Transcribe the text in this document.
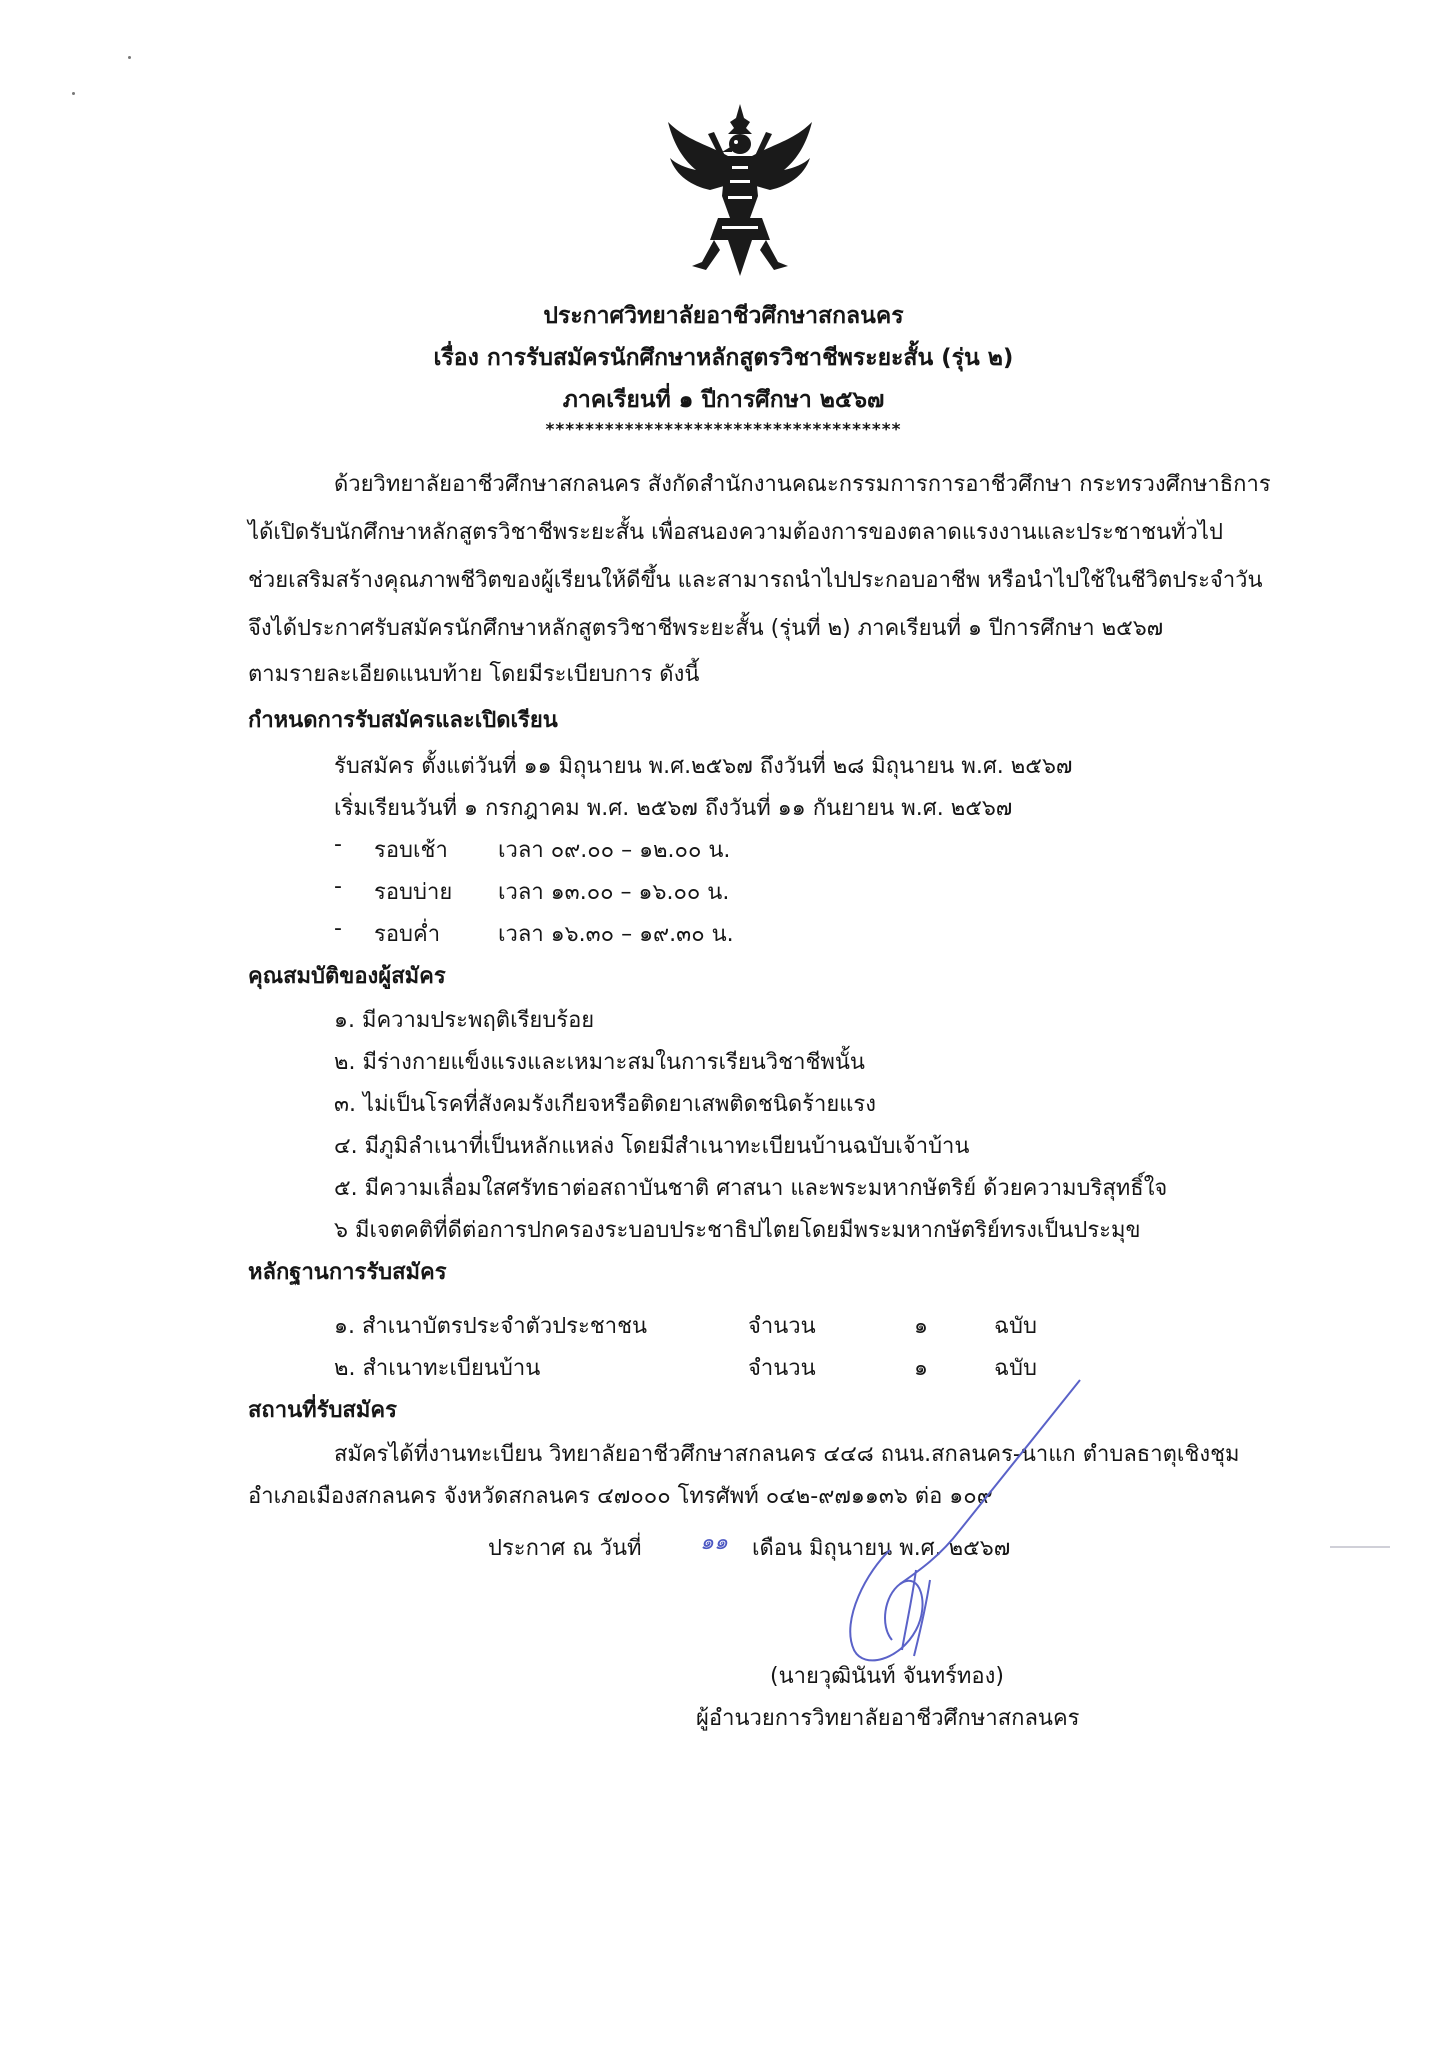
ประกาศวิทยาลัยอาชีวศึกษาสกลนคร
เรื่อง การรับสมัครนักศึกษาหลักสูตรวิชาชีพระยะสั้น (รุ่น ๒)
ภาคเรียนที่ ๑ ปีการศึกษา ๒๕๖๗
************************************
ด้วยวิทยาลัยอาชีวศึกษาสกลนคร สังกัดสำนักงานคณะกรรมการการอาชีวศึกษา กระทรวงศึกษาธิการ
ได้เปิดรับนักศึกษาหลักสูตรวิชาชีพระยะสั้น เพื่อสนองความต้องการของตลาดแรงงานและประชาชนทั่วไป
ช่วยเสริมสร้างคุณภาพชีวิตของผู้เรียนให้ดีขึ้น และสามารถนำไปประกอบอาชีพ หรือนำไปใช้ในชีวิตประจำวัน
จึงได้ประกาศรับสมัครนักศึกษาหลักสูตรวิชาชีพระยะสั้น (รุ่นที่ ๒) ภาคเรียนที่ ๑ ปีการศึกษา ๒๕๖๗
ตามรายละเอียดแนบท้าย โดยมีระเบียบการ ดังนี้
กำหนดการรับสมัครและเปิดเรียน
รับสมัคร ตั้งแต่วันที่ ๑๑ มิถุนายน พ.ศ.๒๕๖๗ ถึงวันที่ ๒๘ มิถุนายน พ.ศ. ๒๕๖๗
เริ่มเรียนวันที่ ๑ กรกฎาคม พ.ศ. ๒๕๖๗ ถึงวันที่ ๑๑ กันยายน พ.ศ. ๒๕๖๗
- รอบเช้า เวลา ๐๙.๐๐ – ๑๒.๐๐ น.
- รอบบ่าย เวลา ๑๓.๐๐ – ๑๖.๐๐ น.
- รอบค่ำ	เวลา ๑๖.๓๐ – ๑๙.๓๐ น.
คุณสมบัติของผู้สมัคร
๑. มีความประพฤติเรียบร้อย
๒. มีร่างกายแข็งแรงและเหมาะสมในการเรียนวิชาชีพนั้น
๓. ไม่เป็นโรคที่สังคมรังเกียจหรือติดยาเสพติดชนิดร้ายแรง
๔. มีภูมิลำเนาที่เป็นหลักแหล่ง โดยมีสำเนาทะเบียนบ้านฉบับเจ้าบ้าน
๕. มีความเลื่อมใสศรัทธาต่อสถาบันชาติ ศาสนา และพระมหากษัตริย์ ด้วยความบริสุทธิ์ใจ
๖ มีเจตคติที่ดีต่อการปกครองระบอบประชาธิปไตยโดยมีพระมหากษัตริย์ทรงเป็นประมุข
หลักฐานการรับสมัคร
๑. สำเนาบัตรประจำตัวประชาชน	จำนวน	๑	ฉบับ
๒. สำเนาทะเบียนบ้าน	จำนวน	๑	ฉบับ
สถานที่รับสมัคร
สมัครได้ที่งานทะเบียน วิทยาลัยอาชีวศึกษาสกลนคร ๔๔๘ ถนน.สกลนคร-นาแก ตำบลธาตุเชิงชุม
อำเภอเมืองสกลนคร จังหวัดสกลนคร ๔๗๐๐๐ โทรศัพท์ ๐๔๒-๙๗๑๑๓๖ ต่อ ๑๐๙
ประกาศ ณ วันที่	๑๑ เดือน มิถุนายน พ.ศ. ๒๕๖๗
(นายวุฒินันท์ จันทร์ทอง)
ผู้อำนวยการวิทยาลัยอาชีวศึกษาสกลนคร
